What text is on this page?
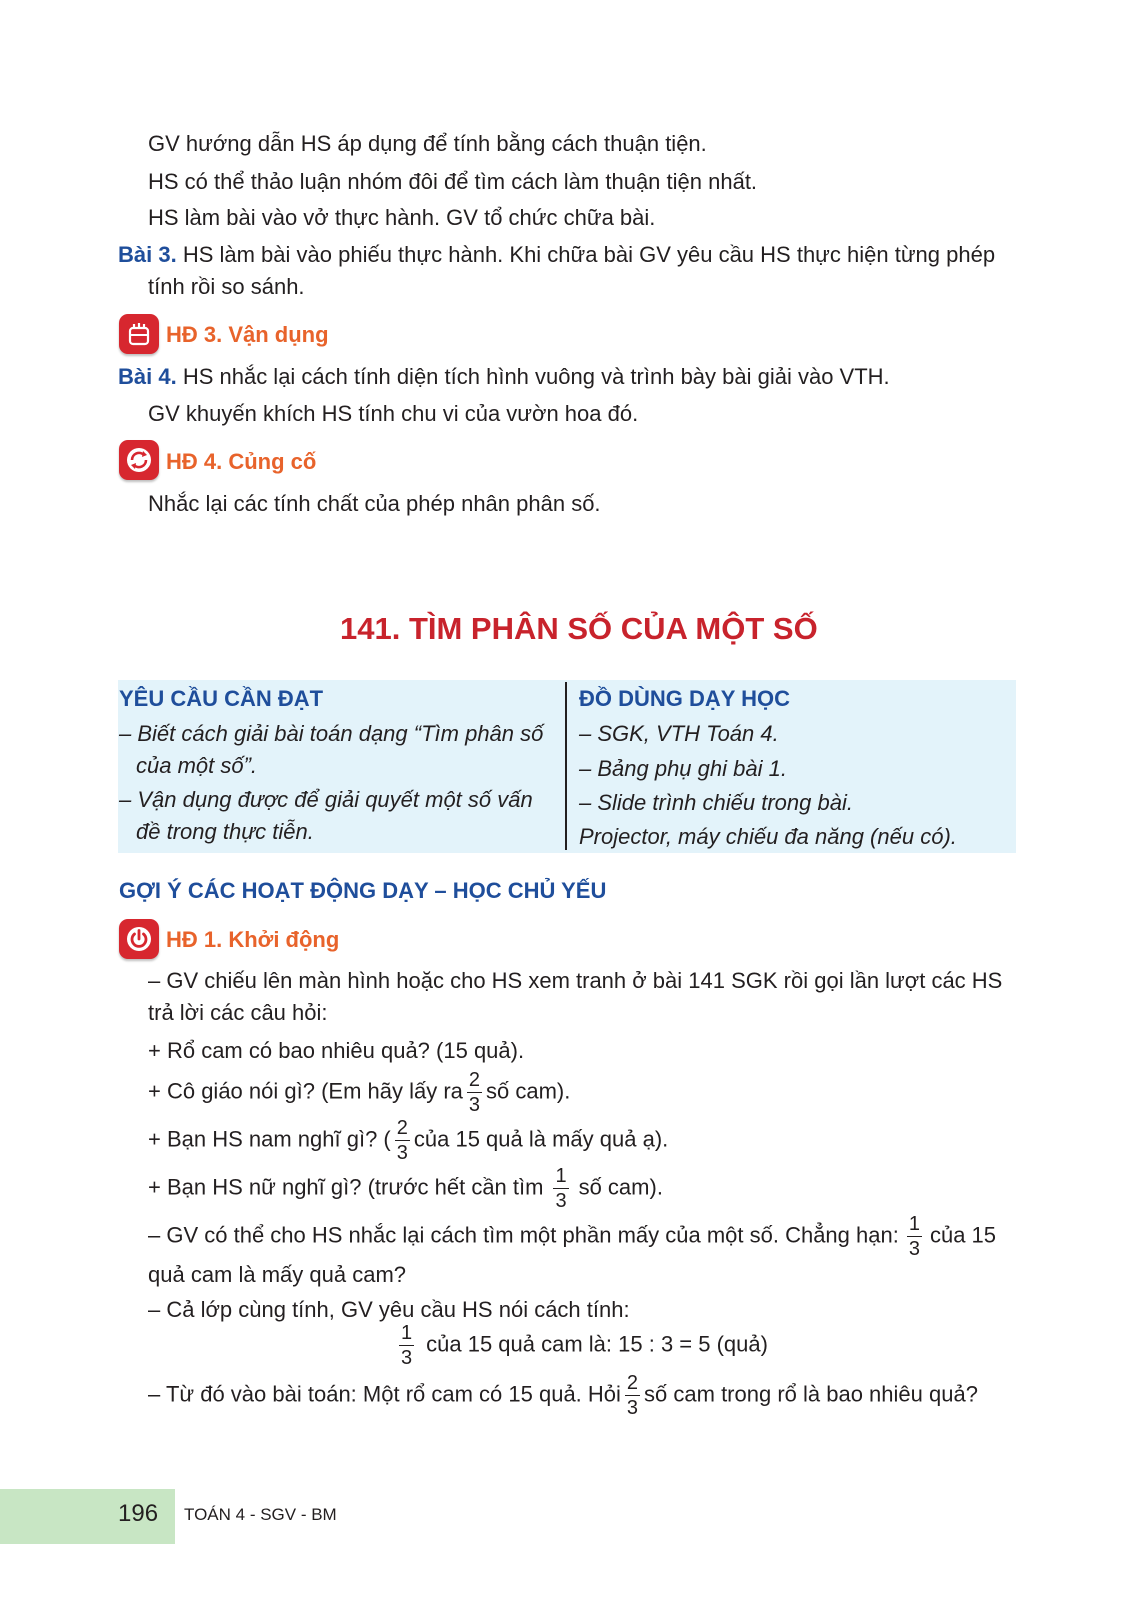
GV hướng dẫn HS áp dụng để tính bằng cách thuận tiện.
HS có thể thảo luận nhóm đôi để tìm cách làm thuận tiện nhất.
HS làm bài vào vở thực hành. GV tổ chức chữa bài.
Bài 3. HS làm bài vào phiếu thực hành. Khi chữa bài GV yêu cầu HS thực hiện từng phép
tính rồi so sánh.
HĐ 3. Vận dụng
Bài 4. HS nhắc lại cách tính diện tích hình vuông và trình bày bài giải vào VTH.
GV khuyến khích HS tính chu vi của vườn hoa đó.
HĐ 4. Củng cố
Nhắc lại các tính chất của phép nhân phân số.
141. TÌM PHÂN SỐ CỦA MỘT SỐ
YÊU CẦU CẦN ĐẠT
– Biết cách giải bài toán dạng “Tìm phân số
của một số”.
– Vận dụng được để giải quyết một số vấn
đề trong thực tiễn.
ĐỒ DÙNG DẠY HỌC
– SGK, VTH Toán 4.
– Bảng phụ ghi bài 1.
– Slide trình chiếu trong bài.
Projector, máy chiếu đa năng (nếu có).
GỢI Ý CÁC HOẠT ĐỘNG DẠY – HỌC CHỦ YẾU
HĐ 1. Khởi động
– GV chiếu lên màn hình hoặc cho HS xem tranh ở bài 141 SGK rồi gọi lần lượt các HS
trả lời các câu hỏi:
+ Rổ cam có bao nhiêu quả? (15 quả).
+ Cô giáo nói gì? (Em hãy lấy ra $\frac{2}{3}$ số cam).
+ Bạn HS nam nghĩ gì? ( $\frac{2}{3}$ của 15 quả là mấy quả ạ).
+ Bạn HS nữ nghĩ gì? (trước hết cần tìm $\frac{1}{3}$ số cam).
– GV có thể cho HS nhắc lại cách tìm một phần mấy của một số. Chẳng hạn: $\frac{1}{3}$ của 15
quả cam là mấy quả cam?
– Cả lớp cùng tính, GV yêu cầu HS nói cách tính:
$\frac{1}{3}$ của 15 quả cam là: 15 : 3 = 5 (quả)
– Từ đó vào bài toán: Một rổ cam có 15 quả. Hỏi $\frac{2}{3}$ số cam trong rổ là bao nhiêu quả?
196 TOÁN 4 - SGV - BM
